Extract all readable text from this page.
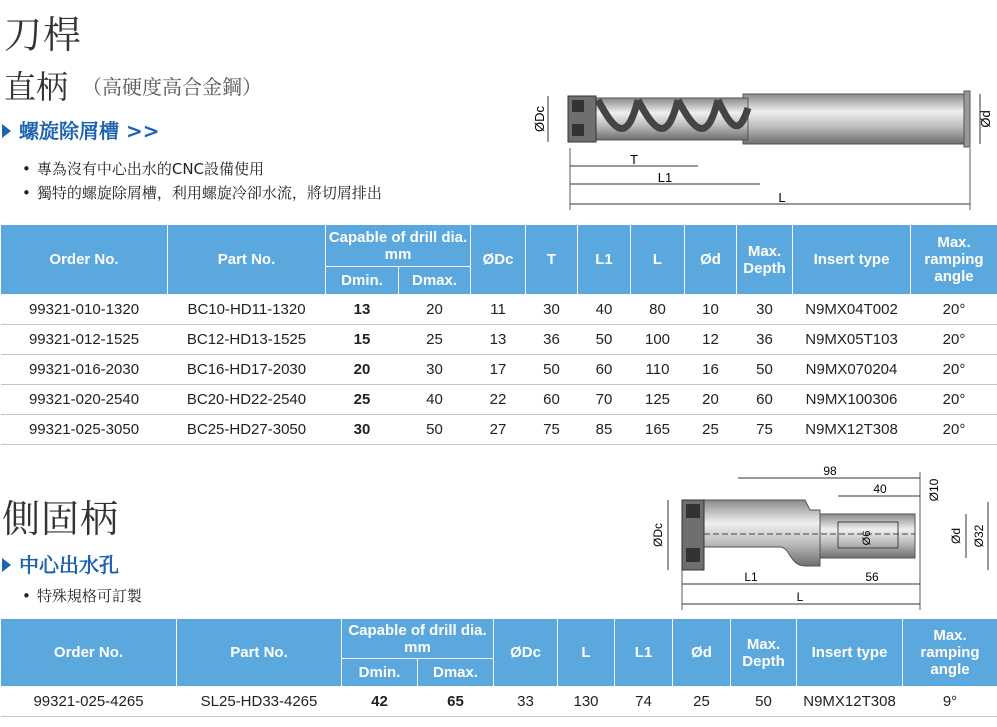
刀桿
直柄 （高硬度高合金鋼）
螺旋除屑槽 >>
• 專為沒有中心出水的CNC設備使用
• 獨特的螺旋除屑槽，利用螺旋冷卻水流，將切屑排出
ØDc	Ød
T
L1
L
Order No.	Part No.	Capable of drill dia. mm		ØDc	T	L1	L	Ød	Max. Depth	Insert type	Max. ramping angle
		Dmin.	Dmax.								
99321-010-1320	BC10-HD11-1320	13	20	11	30	40	80	10	30	N9MX04T002	20°
99321-012-1525	BC12-HD13-1525	15	25	13	36	50	100	12	36	N9MX05T103	20°
99321-016-2030	BC16-HD17-2030	20	30	17	50	60	110	16	50	N9MX070204	20°
99321-020-2540	BC20-HD22-2540	25	40	22	60	70	125	20	60	N9MX100306	20°
99321-025-3050	BC25-HD27-3050	30	50	27	75	85	165	25	75	N9MX12T308	20°
側固柄
中心出水孔
• 特殊規格可訂製
98
40	Ø10
ØDc	Ø6	Ød Ø32
L1	56
L
Order No.	Part No.	Capable of drill dia. mm		ØDc	L	L1	Ød	Max. Depth	Insert type	Max. ramping angle
		Dmin.	Dmax.							
99321-025-4265	SL25-HD33-4265	42	65	33	130	74	25	50	N9MX12T308	9°
